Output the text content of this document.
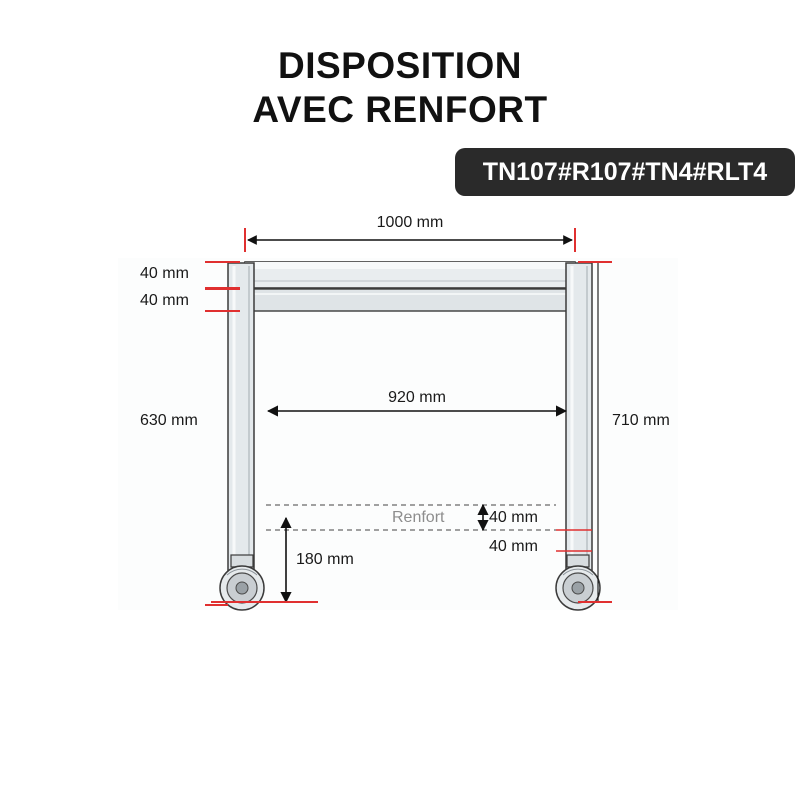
DISPOSITION
AVEC RENFORT
TN107#R107#TN4#RLT4
1000 mm
40 mm
40 mm
630 mm
920 mm
710 mm
Renfort	40 mm
40 mm
180 mm
